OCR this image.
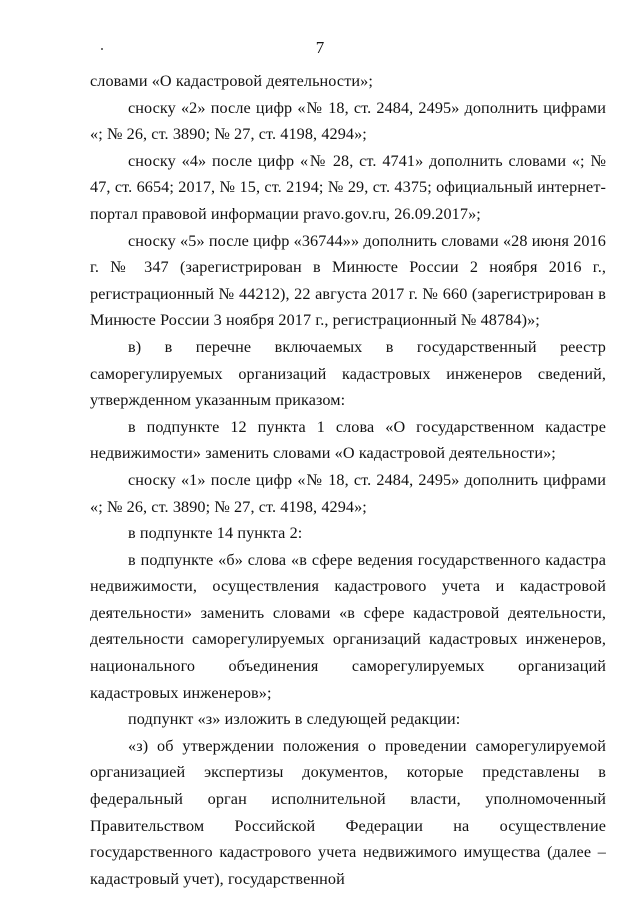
7

словами «О кадастровой деятельности»;

сноску «2» после цифр «№ 18, ст. 2484, 2495» дополнить цифрами «; № 26, ст. 3890; № 27, ст. 4198, 4294»;

сноску «4» после цифр «№ 28, ст. 4741» дополнить словами «; № 47, ст. 6654; 2017, № 15, ст. 2194; № 29, ст. 4375; официальный интернет-портал правовой информации pravo.gov.ru, 26.09.2017»;

сноску «5» после цифр «36744»» дополнить словами «28 июня 2016 г. № 347 (зарегистрирован в Минюсте России 2 ноября 2016 г., регистрационный № 44212), 22 августа 2017 г. № 660 (зарегистрирован в Минюсте России 3 ноября 2017 г., регистрационный № 48784)»;

в) в перечне включаемых в государственный реестр саморегулируемых организаций кадастровых инженеров сведений, утвержденном указанным приказом:

в подпункте 12 пункта 1 слова «О государственном кадастре недвижимости» заменить словами «О кадастровой деятельности»;

сноску «1» после цифр «№ 18, ст. 2484, 2495» дополнить цифрами «; № 26, ст. 3890; № 27, ст. 4198, 4294»;

в подпункте 14 пункта 2:

в подпункте «б» слова «в сфере ведения государственного кадастра недвижимости, осуществления кадастрового учета и кадастровой деятельности» заменить словами «в сфере кадастровой деятельности, деятельности саморегулируемых организаций кадастровых инженеров, национального объединения саморегулируемых организаций кадастровых инженеров»;

подпункт «з» изложить в следующей редакции:

«з) об утверждении положения о проведении саморегулируемой организацией экспертизы документов, которые представлены в федеральный орган исполнительной власти, уполномоченный Правительством Российской Федерации на осуществление государственного кадастрового учета недвижимого имущества (далее – кадастровый учет), государственной
